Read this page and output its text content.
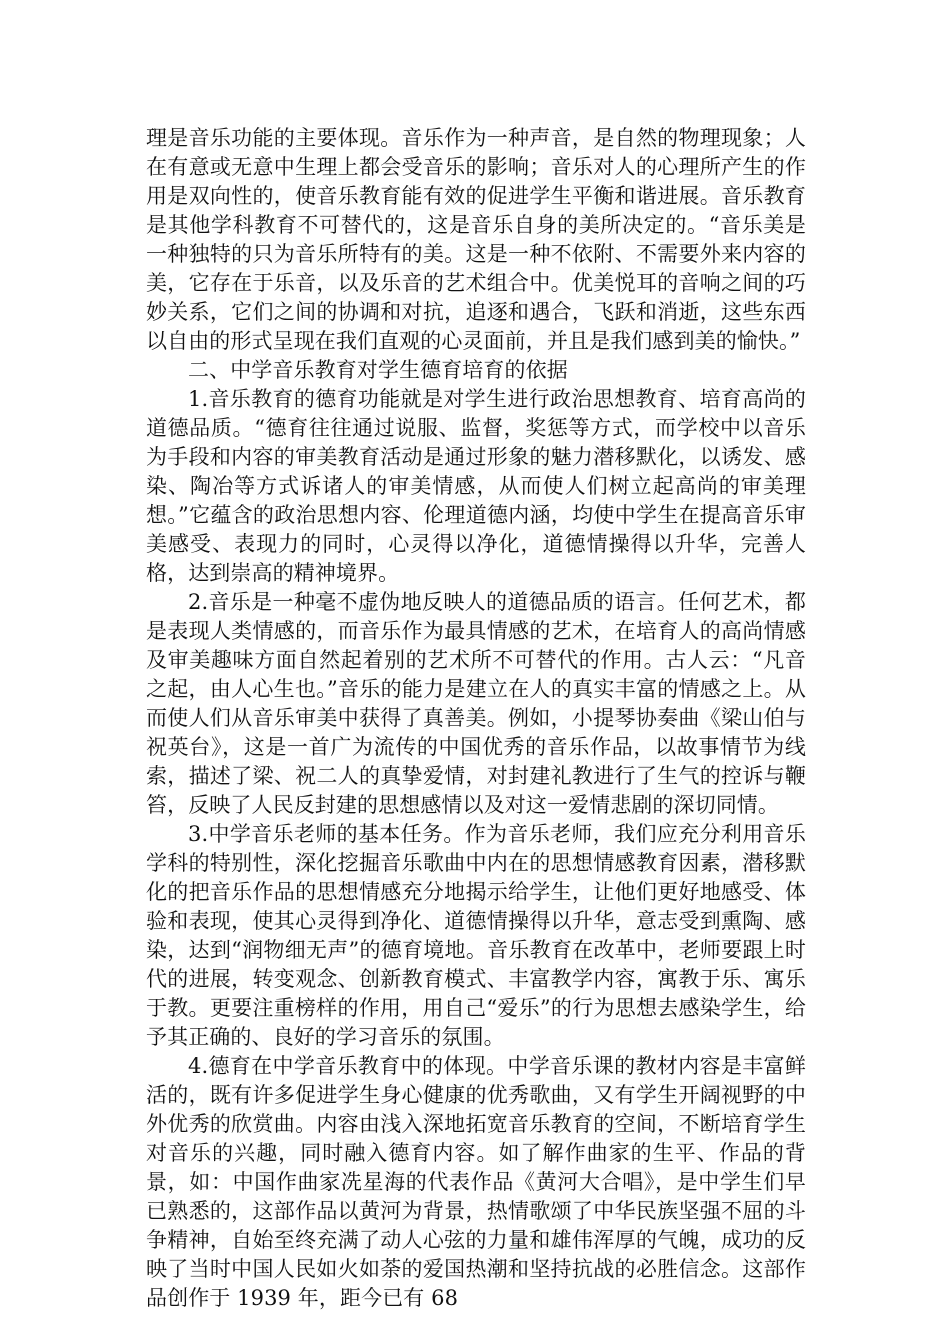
理是音乐功能的主要体现。音乐作为一种声音，是自然的物理现象；人在有意或无意中生理上都会受音乐的影响；音乐对人的心理所产生的作用是双向性的，使音乐教育能有效的促进学生平衡和谐进展。音乐教育是其他学科教育不可替代的，这是音乐自身的美所决定的。“音乐美是一种独特的只为音乐所特有的美。这是一种不依附、不需要外来内容的美，它存在于乐音，以及乐音的艺术组合中。优美悦耳的音响之间的巧妙关系，它们之间的协调和对抗，追逐和遇合，飞跃和消逝，这些东西以自由的形式呈现在我们直观的心灵面前，并且是我们感到美的愉快。”

二、中学音乐教育对学生德育培育的依据

1.音乐教育的德育功能就是对学生进行政治思想教育、培育高尚的道德品质。“德育往往通过说服、监督，奖惩等方式，而学校中以音乐为手段和内容的审美教育活动是通过形象的魅力潜移默化，以诱发、感染、陶冶等方式诉诸人的审美情感，从而使人们树立起高尚的审美理想。”它蕴含的政治思想内容、伦理道德内涵，均使中学生在提高音乐审美感受、表现力的同时，心灵得以净化，道德情操得以升华，完善人格，达到崇高的精神境界。

2.音乐是一种毫不虚伪地反映人的道德品质的语言。任何艺术，都是表现人类情感的，而音乐作为最具情感的艺术，在培育人的高尚情感及审美趣味方面自然起着别的艺术所不可替代的作用。古人云：“凡音之起，由人心生也。”音乐的能力是建立在人的真实丰富的情感之上。从而使人们从音乐审美中获得了真善美。例如，小提琴协奏曲《梁山伯与祝英台》，这是一首广为流传的中国优秀的音乐作品，以故事情节为线索，描述了梁、祝二人的真挚爱情，对封建礼教进行了生气的控诉与鞭笞，反映了人民反封建的思想感情以及对这一爱情悲剧的深切同情。

3.中学音乐老师的基本任务。作为音乐老师，我们应充分利用音乐学科的特别性，深化挖掘音乐歌曲中内在的思想情感教育因素，潜移默化的把音乐作品的思想情感充分地揭示给学生，让他们更好地感受、体验和表现，使其心灵得到净化、道德情操得以升华，意志受到熏陶、感染，达到“润物细无声”的德育境地。音乐教育在改革中，老师要跟上时代的进展，转变观念、创新教育模式、丰富教学内容，寓教于乐、寓乐于教。更要注重榜样的作用，用自己“爱乐”的行为思想去感染学生，给予其正确的、良好的学习音乐的氛围。

4.德育在中学音乐教育中的体现。中学音乐课的教材内容是丰富鲜活的，既有许多促进学生身心健康的优秀歌曲，又有学生开阔视野的中外优秀的欣赏曲。内容由浅入深地拓宽音乐教育的空间，不断培育学生对音乐的兴趣，同时融入德育内容。如了解作曲家的生平、作品的背景，如：中国作曲家冼星海的代表作品《黄河大合唱》，是中学生们早已熟悉的，这部作品以黄河为背景，热情歌颂了中华民族坚强不屈的斗争精神，自始至终充满了动人心弦的力量和雄伟浑厚的气魄，成功的反映了当时中国人民如火如荼的爱国热潮和坚持抗战的必胜信念。这部作品创作于 1939 年，距今已有 68
